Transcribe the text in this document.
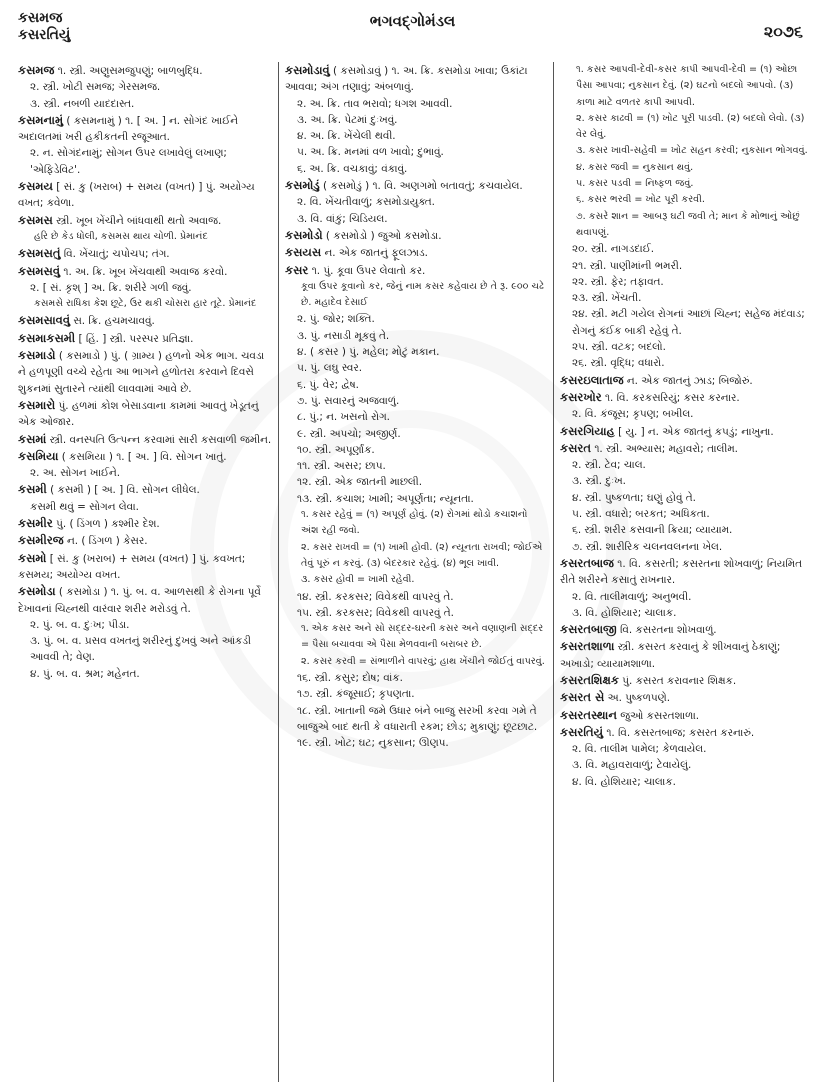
કસમજ
કસરતિયું
ભગવદ્ગોમંડલ
૨૦૭૬
કસમજ ૧. સ્ત્રી. અણુસમજુપણું; બાળબુદ્ધિ.
૨. સ્ત્રી. ખોટી સમજ; ગેરસમજ.
૩. સ્ત્રી. નબળી યાદદાસ્ત.
કસમનામું ( કસમનામું ) ૧. [ અ. ] ન. સોગંદ ખાઈને અદાલતમાં ખરી હકીકતની રજૂઆત.
૨. ન. સોગંદનામું; સોગન ઉપર લખાવેલું લખાણ; 'એફિડેવિટ'.
કસમય [ સં. કુ (ખરાબ) + સમય (વખત) ] પું. અયોગ્ય વખત; કવેળા.
કસમસ સ્ત્રી. ખૂબ ખેંચીને બાંધવાથી થતો અવાજ.
હરિ છે કેડ ધોલી, કસમસ થાય ચોળી. પ્રેમાનંદ
કસમસતું વિ. ખેંચાતું; ચપોચપ; તંગ.
કસમસવું ૧. અ. ક્રિ. ખૂબ ખેંચવાથી અવાજ કરવો.
૨. [ સં. કૃશ્ ] અ. ક્રિ. શરીરે ગળી જવું.
કસમસે રાધિકા કેશ છૂટે, ઉર થકી ચોસરા હાર તૂટે. પ્રેમાનંદ
કસમસાવવું સ. ક્રિ. હચમચાવવું.
કસમાકસમી [ હિં. ] સ્ત્રી. પરસ્પર પ્રતિજ્ઞા.
કસમાડો ( કસમાડો ) પું. ( ગ્રામ્ય ) હળનો એક ભાગ. ચવડા ને હળપૂણી વચ્ચે રહેતા આ ભાગને હળોતરા કરવાને દિવસે શુકનમાં સુતારને ત્યાંથી લાવવામાં આવે છે.
કસમારો પું. હળમાં કોશ બેસાડવાના કામમાં આવતું ખેડૂતનું એક ઓજાર.
કસમાં સ્ત્રી. વનસ્પતિ ઉત્પન્ન કરવામાં સારી કસવાળી જમીન.
કસમિયા ( કસમિયા ) ૧. [ અ. ] વિ. સોગન ખાતું.
૨. અ. સોગન ખાઈને.
કસમી ( કસમી ) [ અ. ] વિ. સોગન લીધેલ.
કસમી થવું = સોગન લેવા.
કસમીર પું. ( ડિંગળ ) કશ્મીર દેશ.
કસમીરજ ન. ( ડિંગળ ) કેસર.
કસમો [ સં. કુ (ખરાબ) + સમય (વખત) ] પું. કવખત; કસમય; અયોગ્ય વખત.
કસમોડા ( કસમોડા ) ૧. પું. બ. વ. આળસથી કે રોગના પૂર્વે દેખાવનાં ચિહ્નથી વારંવાર શરીર મરોડવું તે.
૨. પું. બ. વ. દુઃખ; પીડા.
૩. પું. બ. વ. પ્રસવ વખતનું શરીરનું દુખવું અને આંકડી આવવી તે; વેણ.
૪. પું. બ. વ. શ્રમ; મહેનત.
કસમોડાવું ( કસમોડાવું ) ૧. અ. ક્રિ. કસમોડા ખાવા; ઉકાંટા આવવા; અંગ તણાવું; અંબળાવું.
૨. અ. ક્રિ. તાવ ભરાવો; ધગશ આવવી.
૩. અ. ક્રિ. પેટમાં દુઃખવું.
૪. અ. ક્રિ. ખેંચેલી થવી.
૫. અ. ક્રિ. મનમાં વળ ખાવો; દુભાવું.
૬. અ. ક્રિ. વચકાવું; વંકાવું.
કસમોડું ( કસમોડું ) ૧. વિ. અણગમો બતાવતું; કચવાયેલ.
૨. વિ. ખેંચતીવાળું; કસમોડાયુક્ત.
૩. વિ. વાંકું; ચિડિયલ.
કસમોડો ( કસમોડો ) જુઓ કસમોડા.
કસયસ ન. એક જાતનું ફૂલઝાડ.
કસર ૧. પું. કૂવા ઉપર લેવાતો કર.
કૂવા ઉપર કૂવાનો કર, જેનું નામ કસર કહેવાય છે તે રૂ. ૯૦૦ ચઢે છે. મહાદેવ દેસાઈ
૨. પું. જોર; શક્તિ.
૩. પું. નસાડી મૂકવું તે.
૪. ( કસર ) પું. મહેલ; મોટું મકાન.
૫. પું. લઘુ સ્વર.
૬. પું. વેર; દ્વેષ.
૭. પું. સવારનું અજવાળું.
૮. પું.; ન. ખસનો રોગ.
૯. સ્ત્રી. અપચો; અજીર્ણ.
૧૦. સ્ત્રી. અપૂર્ણાંક.
૧૧. સ્ત્રી. અસર; છાપ.
૧૨. સ્ત્રી. એક જાતની માછલી.
૧૩. સ્ત્રી. કચાશ; ખામી; અપૂર્ણતા; ન્યૂનતા.
૧. કસર રહેવું = (૧) અપૂર્ણ હોવું. (૨) રોગમાં થોડો કચાશનો અંશ રહી જવો.
૨. કસર રાખવી = (૧) ખામી હોવી. (૨) ન્યૂનતા રાખવી; જોઈએ તેવું પૂરું ન કરવું. (૩) બેદરકાર રહેવું. (૪) ભૂલ ખાવી.
૩. કસર હોવી = ખામી રહેવી.
૧૪. સ્ત્રી. કરકસર; વિવેકથી વાપરવું તે.
૧૫. સ્ત્રી. કરકસર; વિવેકથી વાપરવું તે.
૧. એક કસર અને સો સદ્દર-ઘરની કસર અને વણાણની સદ્દર = પૈસા બચાવવા એ પૈસા મેળવવાની બરાબર છે.
૨. કસર કરવી = સંભાળીને વાપરવું; હાથ ખેંચીને જોઈતું વાપરવું.
૧૬. સ્ત્રી. કસુર; દોષ; વાંક.
૧૭. સ્ત્રી. કંજૂસાઈ; કૃપણતા.
૧૮. સ્ત્રી. ખાતાની જમે ઉધાર બંને બાજુ સરખી કરવા ગમે તે બાજુએ બાદ થતી કે વધારાતી રકમ; છોડ; મુકાણું; છૂટછાટ.
૧૯. સ્ત્રી. ખોટ; ઘટ; નુકસાન; ઊણપ.
૧. કસર આપવી-દેવી-કસર કાપી આપવી-દેવી = (૧) ઓછા પૈસા આપવા; નુકસાન દેવું. (૨) ઘટનો બદલો આપવો. (૩) કાળા માટે વળતર કાપી આપવી.
૨. કસર કાઢવી = (૧) ખોટ પૂરી પાડવી. (૨) બદલો લેવો. (૩) વેર લેવું.
૩. કસર ખાવી-સહેવી = ખોટ સહન કરવી; નુકસાન ભોગવવું.
૪. કસર જવી = નુકસાન થવું.
૫. કસર પડવી = નિષ્ફળ જવું.
૬. કસર ભરવી = ખોટ પૂરી કરવી.
૭. કસરે શાન = આબરૂ ઘટી જવી તે; માન કે મોભાનું ઓછું થવાપણું.
૨૦. સ્ત્રી. નાગડદાઈ.
૨૧. સ્ત્રી. પાણીમાંની ભમરી.
૨૨. સ્ત્રી. ફેર; તફાવત.
૨૩. સ્ત્રી. ખેંચતી.
૨૪. સ્ત્રી. મટી ગયેલ રોગનાં આછાં ચિહ્ન; સહેજ મંદવાડ; રોગનું કંઈક બાકી રહેવું તે.
૨૫. સ્ત્રી. વટક; બદલો.
૨૬. સ્ત્રી. વૃદ્ધિ; વધારો.
કસરઇલાતાજ ન. એક જાતનું ઝાડ; બિજોરું.
કસરખોર ૧. વિ. કરકસરિયું; કસર કરનાર.
૨. વિ. કંજૂસ; કૃપણ; બખીલ.
કસરગિયાહ [ યુ. ] ન. એક જાતનું કપડું; નાખુના.
કસરત ૧. સ્ત્રી. અભ્યાસ; મહાવરો; તાલીમ.
૨. સ્ત્રી. ટેવ; ચાલ.
૩. સ્ત્રી. દુઃખ.
૪. સ્ત્રી. પુષ્કળતા; ઘણું હોવું તે.
૫. સ્ત્રી. વધારો; બરકત; અધિકતા.
૬. સ્ત્રી. શરીર કસવાની ક્રિયા; વ્યાયામ.
૭. સ્ત્રી. શારીરિક ચલનવલનના ખેલ.
કસરતબાજ ૧. વિ. કસરતી; કસરતના શોખવાળું; નિયમિત રીતે શરીરને કસાતું રાખનાર.
૨. વિ. તાલીમવાળું; અનુભવી.
૩. વિ. હોશિયાર; ચાલાક.
કસરતબાજી વિ. કસરતના શોખવાળું.
કસરતશાળા સ્ત્રી. કસરત કરવાનું કે શીખવાનું ઠેકાણું; અખાડો; વ્યાયામશાળા.
કસરતશિક્ષક પું. કસરત કરાવનાર શિક્ષક.
કસરત સે અ. પુષ્કળપણે.
કસરતસ્થાન જુઓ કસરતશાળા.
કસરતિયું ૧. વિ. કસરતબાજ; કસરત કરનારું.
૨. વિ. તાલીમ પામેલ; કેળવાયેલ.
૩. વિ. મહાવરાવાળું; ટેવાયેલું.
૪. વિ. હોશિયાર; ચાલાક.
